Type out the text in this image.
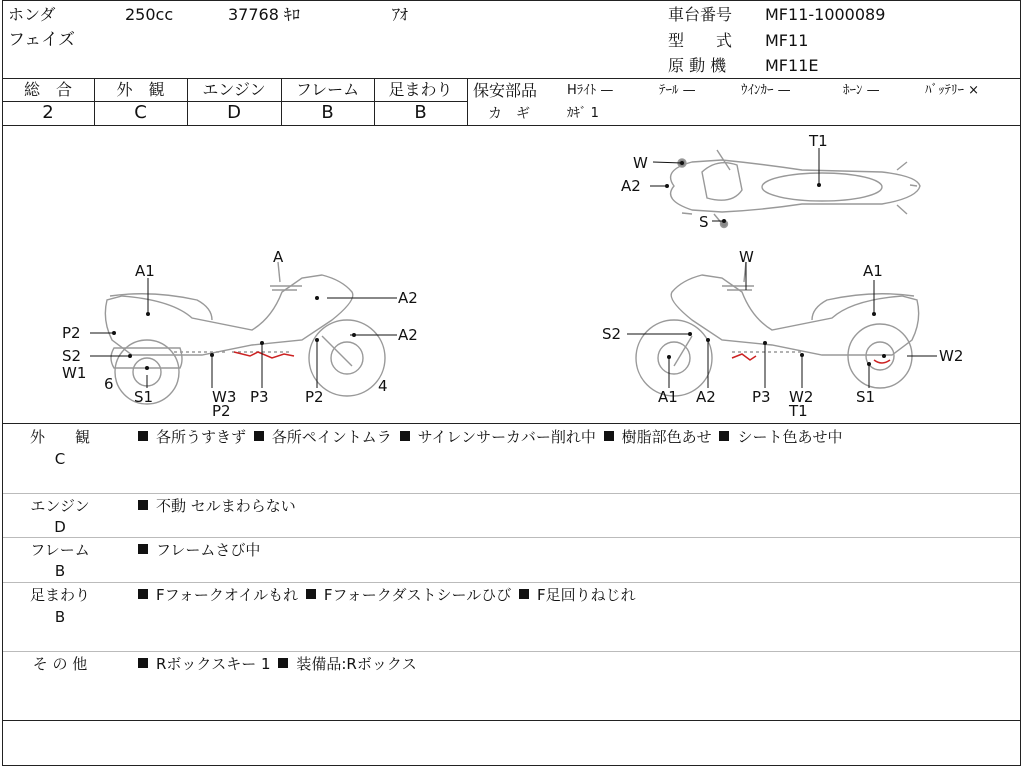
ホンダ	250cc	37768 ｷﾛ	ｱｵ
フェイズ
車台番号 MF11-1000089
型　　式 MF11
原 動 機 MF11E
総　合	外　観	エンジン	フレーム	足まわり
2	C	D	B	B
保安部品 Hﾗｲﾄ —	ﾃｰﾙ —	ｳｲﾝｶｰ —	ﾎｰﾝ —	ﾊﾞｯﾃﾘｰ ×
カ　ギ	ｶｷﾞ 1
W
A2
S
T1
A
A1
A2
A2
P2
S2
W1
6
S1	W3
P2
P3 P2
4
W
A1
S2
W2
A1 A2 P3 W2
T1
S1
外　　観
C
各所うすきず 各所ペイントムラ サイレンサーカバー削れ中 樹脂部色あせ シート色あせ中
エンジン
D
不動 セルまわらない
フレーム
B
フレームさび中
足まわり
B
Fフォークオイルもれ Fフォークダストシールひび F足回りねじれ
そ の 他	Rボックスキー 1 装備品:Rボックス
